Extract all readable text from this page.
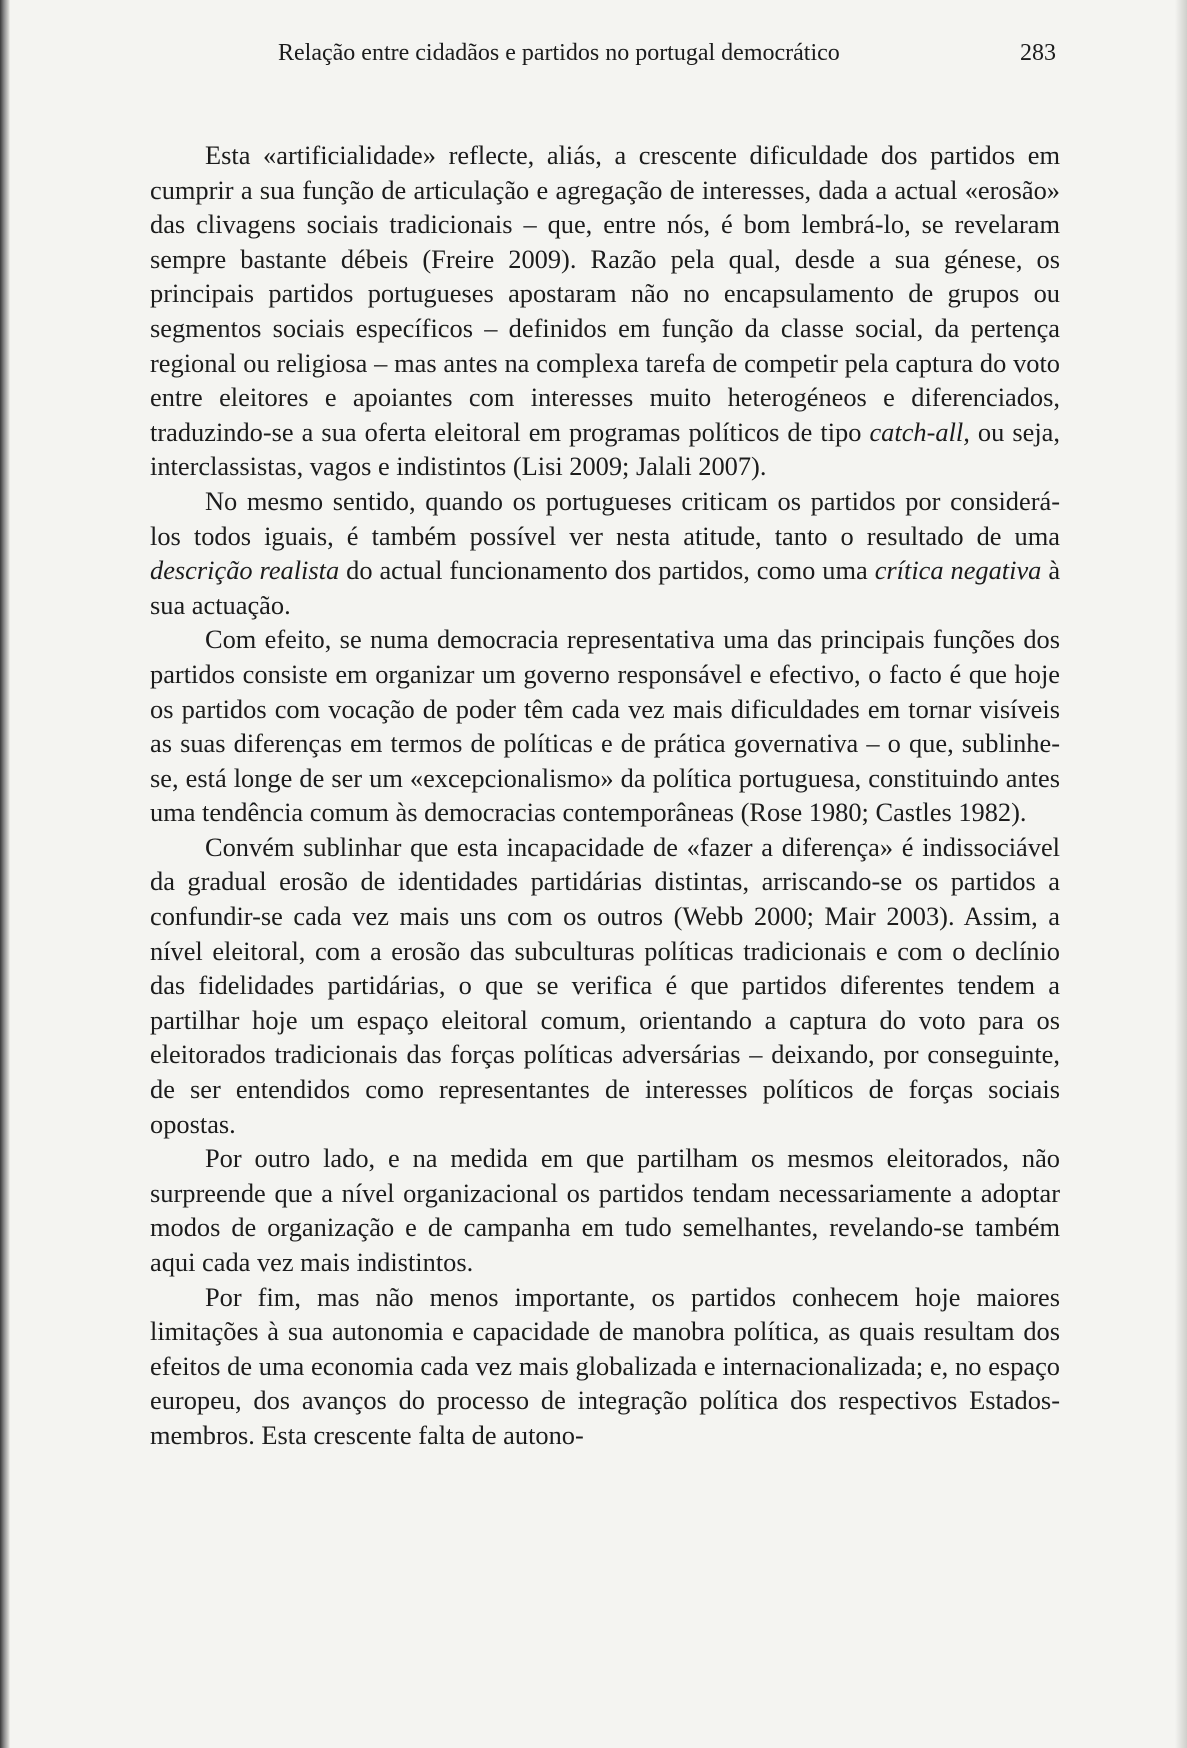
Relação entre cidadãos e partidos no portugal democrático	283

Esta «artificialidade» reflecte, aliás, a crescente dificuldade dos partidos em cumprir a sua função de articulação e agregação de interesses, dada a actual «erosão» das clivagens sociais tradicionais – que, entre nós, é bom lembrá-lo, se revelaram sempre bastante débeis (Freire 2009). Razão pela qual, desde a sua génese, os principais partidos portugueses apostaram não no encapsulamento de grupos ou segmentos sociais específicos – definidos em função da classe social, da pertença regional ou religiosa – mas antes na complexa tarefa de competir pela captura do voto entre eleitores e apoiantes com interesses muito heterogéneos e diferenciados, traduzindo-se a sua oferta eleitoral em programas políticos de tipo catch-all, ou seja, interclassistas, vagos e indistintos (Lisi 2009; Jalali 2007).

No mesmo sentido, quando os portugueses criticam os partidos por considerá-los todos iguais, é também possível ver nesta atitude, tanto o resultado de uma descrição realista do actual funcionamento dos partidos, como uma crítica negativa à sua actuação.

Com efeito, se numa democracia representativa uma das principais funções dos partidos consiste em organizar um governo responsável e efectivo, o facto é que hoje os partidos com vocação de poder têm cada vez mais dificuldades em tornar visíveis as suas diferenças em termos de políticas e de prática governativa – o que, sublinhe-se, está longe de ser um «excepcionalismo» da política portuguesa, constituindo antes uma tendência comum às democracias contemporâneas (Rose 1980; Castles 1982).

Convém sublinhar que esta incapacidade de «fazer a diferença» é indissociável da gradual erosão de identidades partidárias distintas, arriscando-se os partidos a confundir-se cada vez mais uns com os outros (Webb 2000; Mair 2003). Assim, a nível eleitoral, com a erosão das subculturas políticas tradicionais e com o declínio das fidelidades partidárias, o que se verifica é que partidos diferentes tendem a partilhar hoje um espaço eleitoral comum, orientando a captura do voto para os eleitorados tradicionais das forças políticas adversárias – deixando, por conseguinte, de ser entendidos como representantes de interesses políticos de forças sociais opostas.

Por outro lado, e na medida em que partilham os mesmos eleitorados, não surpreende que a nível organizacional os partidos tendam necessariamente a adoptar modos de organização e de campanha em tudo semelhantes, revelando-se também aqui cada vez mais indistintos.

Por fim, mas não menos importante, os partidos conhecem hoje maiores limitações à sua autonomia e capacidade de manobra política, as quais resultam dos efeitos de uma economia cada vez mais globalizada e internacionalizada; e, no espaço europeu, dos avanços do processo de integração política dos respectivos Estados-membros. Esta crescente falta de autono-
